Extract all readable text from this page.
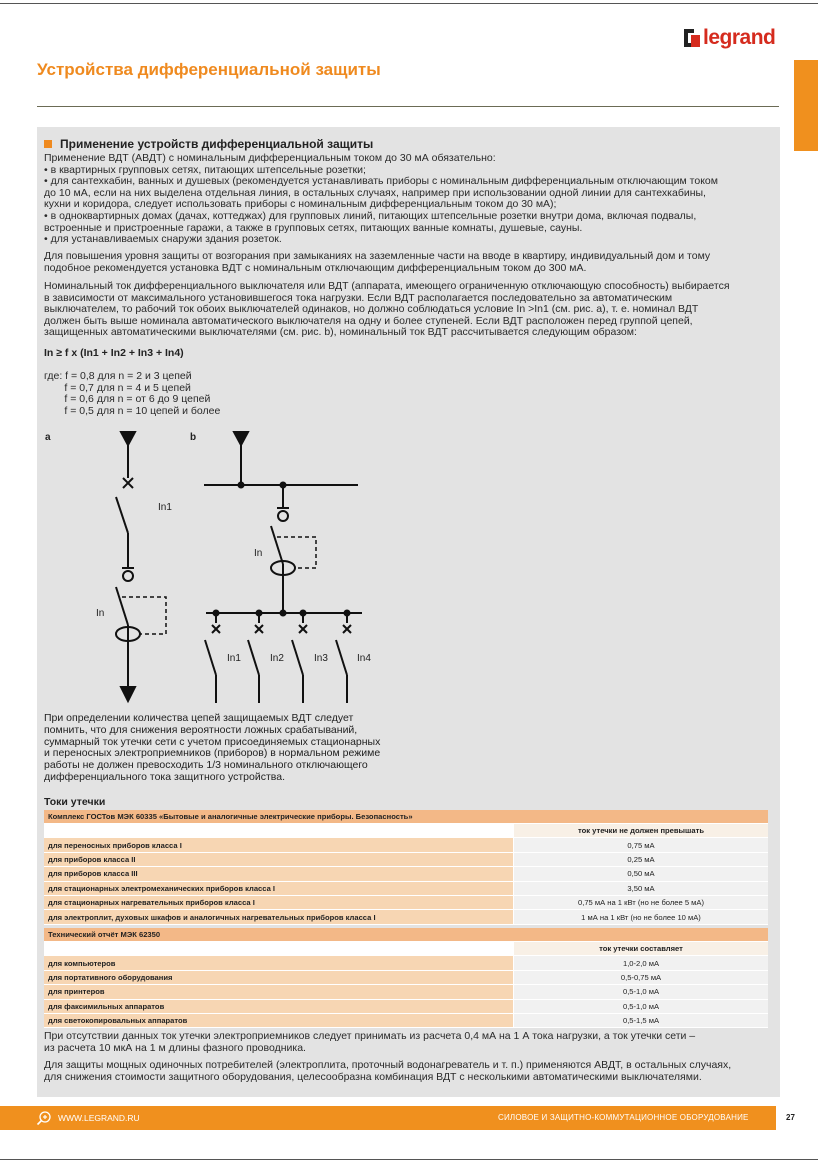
legrand
Устройства дифференциальной защиты
Применение устройств дифференциальной защиты
Применение ВДТ (АВДТ) с номинальным дифференциальным током до 30 мА обязательно:
• в квартирных групповых сетях, питающих штепсельные розетки;
• для сантехкабин, ванных и душевых (рекомендуется устанавливать приборы с номинальным дифференциальным отключающим током
до 10 мА, если на них выделена отдельная линия, в остальных случаях, например при использовании одной линии для сантехкабины,
кухни и коридора, следует использовать приборы с номинальным дифференциальным током до 30 мА);
• в одноквартирных домах (дачах, коттеджах) для групповых линий, питающих штепсельные розетки внутри дома, включая подвалы,
встроенные и пристроенные гаражи, а также в групповых сетях, питающих ванные комнаты, душевые, сауны.
• для устанавливаемых снаружи здания розеток.
Для повышения уровня защиты от возгорания при замыканиях на заземленные части на вводе в квартиру, индивидуальный дом и тому
подобное рекомендуется установка ВДТ с номинальным отключающим дифференциальным током до 300 мА.
Номинальный ток дифференциального выключателя или ВДТ (аппарата, имеющего ограниченную отключающую способность) выбирается
в зависимости от максимального установившегося тока нагрузки. Если ВДТ располагается последовательно за автоматическим
выключателем, то рабочий ток обоих выключателей одинаков, но должно соблюдаться условие In >In1 (см. рис. а), т. е. номинал ВДТ
должен быть выше номинала автоматического выключателя на одну и более ступеней. Если ВДТ расположен перед группой цепей,
защищенных автоматическими выключателями (см. рис. b), номинальный ток ВДТ рассчитывается следующим образом:
In ≥ f x (In1 + In2 + In3 + In4)
где: f = 0,8 для n = 2 и 3 цепей
f = 0,7 для n = 4 и 5 цепей
f = 0,6 для n = от 6 до 9 цепей
f = 0,5 для n = 10 цепей и более
a	b
In1
In
In
In1	In2	In3	In4
При определении количества цепей защищаемых ВДТ следует
помнить, что для снижения вероятности ложных срабатываний,
суммарный ток утечки сети с учетом присоединяемых стационарных
и переносных электроприемников (приборов) в нормальном режиме
работы не должен превосходить 1/3 номинального отключающего
дифференциального тока защитного устройства.
Токи утечки
Комплекс ГОСТов МЭК 60335 «Бытовые и аналогичные электрические приборы. Безопасность»	
	ток утечки не должен превышать
для переносных приборов класса I	0,75 мА
для приборов класса II	0,25 мА
для приборов класса III	0,50 мА
для стационарных электромеханических приборов класса I	3,50 мА
для стационарных нагревательных приборов класса I	0,75 мА на 1 кВт (но не более 5 мА)
для электроплит, духовых шкафов и аналогичных нагревательных приборов класса I	1 мА на 1 кВт (но не более 10 мА)
Технический отчёт МЭК 62350	
	ток утечки составляет
для компьютеров	1,0-2,0 мА
для портативного оборудования	0,5-0,75 мА
для принтеров	0,5-1,0 мА
для факсимильных аппаратов	0,5-1,0 мА
для светокопировальных аппаратов	0,5-1,5 мА
При отсутствии данных ток утечки электроприемников следует принимать из расчета 0,4 мА на 1 А тока нагрузки, а ток утечки сети –
из расчета 10 мкА на 1 м длины фазного проводника.
Для защиты мощных одиночных потребителей (электроплита, проточный водонагреватель и т. п.) применяются АВДТ, в остальных случаях,
для снижения стоимости защитного оборудования, целесообразна комбинация ВДТ с несколькими автоматическими выключателями.
WWW.LEGRAND.RU	СИЛОВОЕ И ЗАЩИТНО-КОММУТАЦИОННОЕ ОБОРУДОВАНИЕ	27
